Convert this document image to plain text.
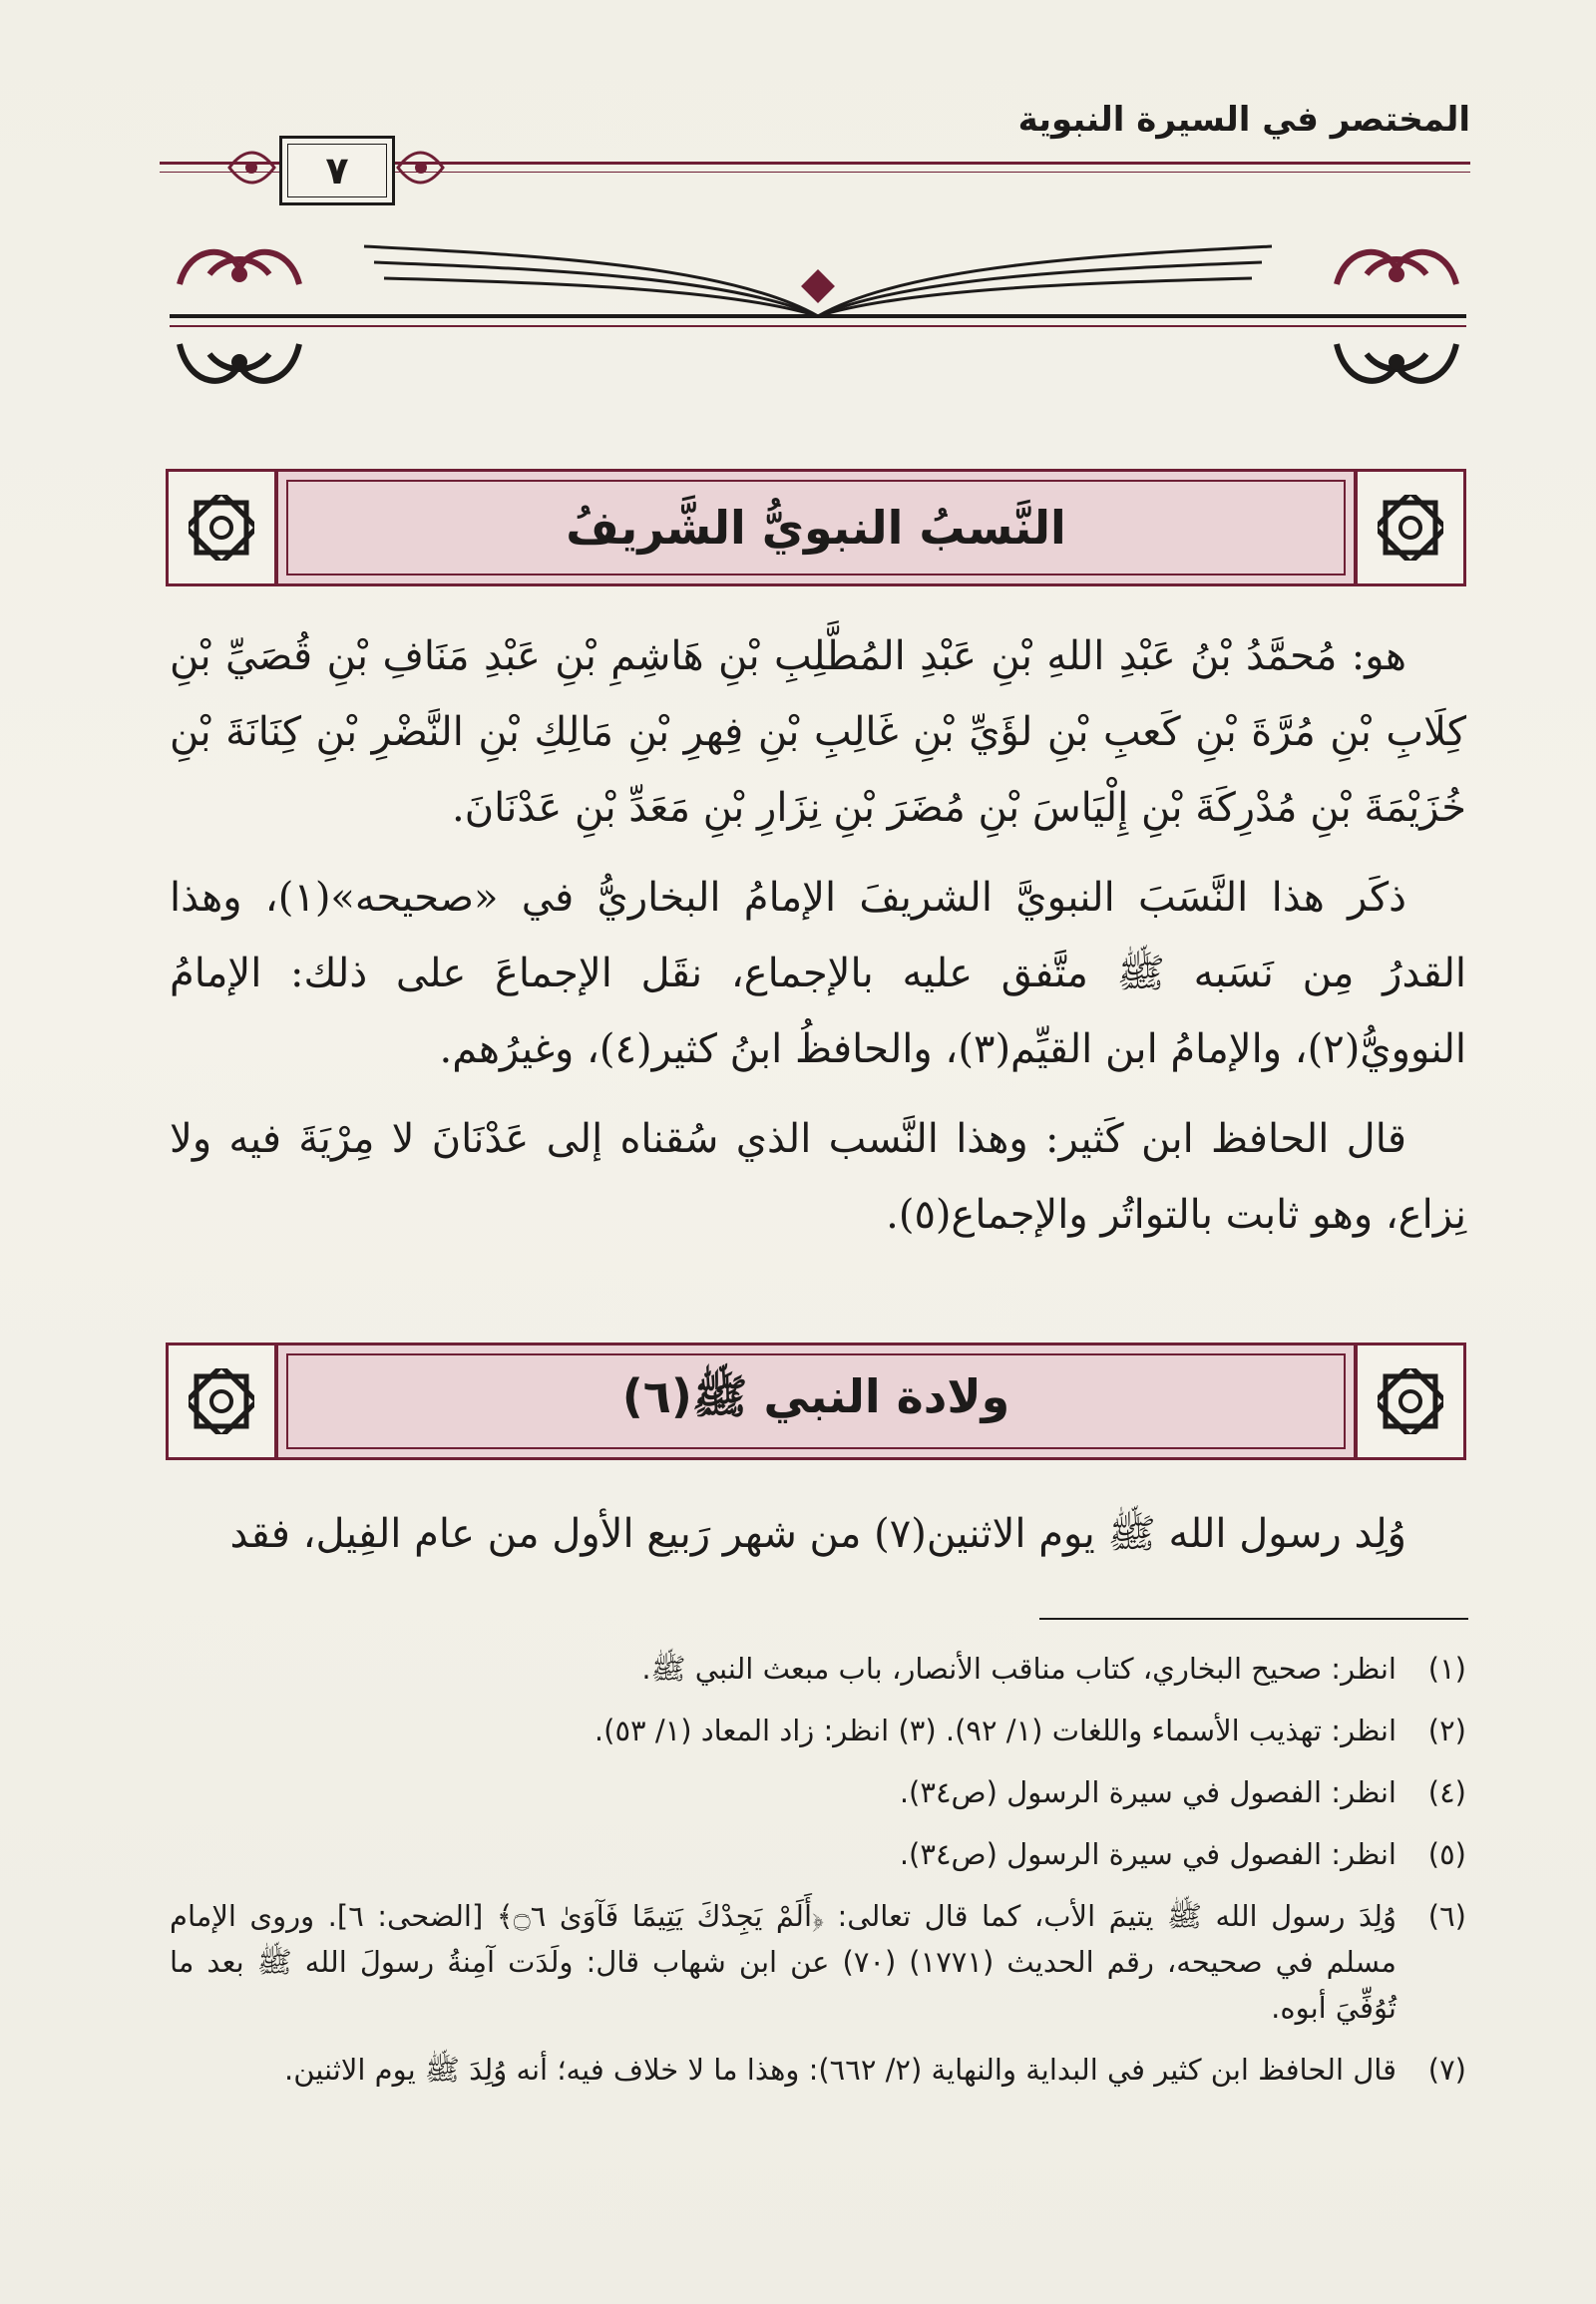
المختصر في السيرة النبوية
٧
النَّسبُ النبويُّ الشَّريفُ

هو: مُحمَّدُ بْنُ عَبْدِ اللهِ بْنِ عَبْدِ المُطَّلِبِ بْنِ هَاشِمِ بْنِ عَبْدِ مَنَافِ بْنِ قُصَيِّ بْنِ كِلَابِ بْنِ مُرَّةَ بْنِ كَعبِ بْنِ لؤَيِّ بْنِ غَالِبِ بْنِ فِهرِ بْنِ مَالِكِ بْنِ النَّضْرِ بْنِ كِنَانَةَ بْنِ خُزَيْمَةَ بْنِ مُدْرِكَةَ بْنِ إِلْيَاسَ بْنِ مُضَرَ بْنِ نِزَارِ بْنِ مَعَدِّ بْنِ عَدْنَانَ.

ذكَر هذا النَّسَبَ النبويَّ الشريفَ الإمامُ البخاريُّ في «صحيحه»(١)، وهذا القدرُ مِن نَسَبه ﷺ متَّفق عليه بالإجماع، نقَل الإجماعَ على ذلك: الإمامُ النوويُّ(٢)، والإمامُ ابن القيِّم(٣)، والحافظُ ابنُ كثير(٤)، وغيرُهم.

قال الحافظ ابن كَثير: وهذا النَّسب الذي سُقناه إلى عَدْنَانَ لا مِرْيَةَ فيه ولا نِزاع، وهو ثابت بالتواتُر والإجماع(٥).

ولادة النبي ﷺ(٦)

وُلِد رسول الله ﷺ يوم الاثنين(٧) من شهر رَبيع الأول من عام الفِيل، فقد

(١)
انظر: صحيح البخاري، كتاب مناقب الأنصار، باب مبعث النبي ﷺ.
(٢)
انظر: تهذيب الأسماء واللغات (١/ ٩٢). (٣) انظر: زاد المعاد (١/ ٥٣).
(٤)
انظر: الفصول في سيرة الرسول (ص٣٤).
(٥)
انظر: الفصول في سيرة الرسول (ص٣٤).
(٦)
وُلِدَ رسول الله ﷺ يتيمَ الأب، كما قال تعالى: ﴿أَلَمْ يَجِدْكَ يَتِيمًا فَآوَىٰ ۝٦﴾ [الضحى: ٦]. وروى الإمام مسلم في صحيحه، رقم الحديث (١٧٧١) (٧٠) عن ابن شهاب قال: ولَدَت آمِنةُ رسولَ الله ﷺ بعد ما تُوُفِّيَ أبوه.
(٧)
قال الحافظ ابن كثير في البداية والنهاية (٢/ ٦٦٢): وهذا ما لا خلاف فيه؛ أنه وُلِدَ ﷺ يوم الاثنين.
